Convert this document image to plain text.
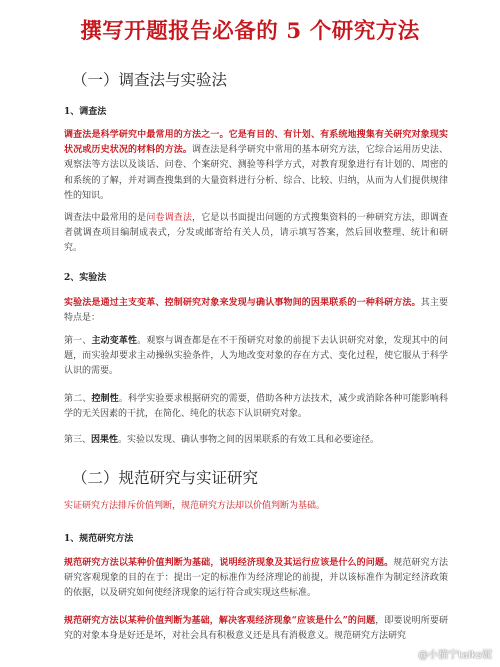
撰写开题报告必备的 5 个研究方法
（一）调查法与实验法
1、调查法
调查法是科学研究中最常用的方法之一。它是有目的、有计划、有系统地搜集有关研究对象现实状况或历史状况的材料的方法。调查法是科学研究中常用的基本研究方法，它综合运用历史法、观察法等方法以及谈话、问卷、个案研究、测验等科学方式，对教育现象进行有计划的、周密的和系统的了解，并对调查搜集到的大量资料进行分析、综合、比较、归纳，从而为人们提供规律性的知识。
调查法中最常用的是问卷调查法，它是以书面提出问题的方式搜集资料的一种研究方法，即调查者就调查项目编制成表式，分发或邮寄给有关人员，请示填写答案，然后回收整理、统计和研究。
2、实验法
实验法是通过主支变革、控制研究对象来发现与确认事物间的因果联系的一种科研方法。其主要特点是：
第一、主动变革性。观察与调查都是在不干预研究对象的前提下去认识研究对象，发现其中的问题，而实验却要求主动操纵实验条件，人为地改变对象的存在方式、变化过程，使它服从于科学认识的需要。
第二、控制性。科学实验要求根据研究的需要，借助各种方法技术，减少或消除各种可能影响科学的无关因素的干扰，在简化、纯化的状态下认识研究对象。
第三、因果性。实验以发现、确认事物之间的因果联系的有效工具和必要途径。
（二）规范研究与实证研究
实证研究方法排斥价值判断，规范研究方法却以价值判断为基础。
1、规范研究方法
规范研究方法以某种价值判断为基础，说明经济现象及其运行应该是什么的问题。规范研究方法研究客观现象的目的在于：提出一定的标准作为经济理论的前提，并以该标准作为制定经济政策的依据，以及研究如何使经济现象的运行符合或实现这些标准。
规范研究方法以某种价值判断为基础，解决客观经济现象“应该是什么”的问题，即要说明所要研究的对象本身是好还是坏，对社会具有积极意义还是具有消极意义。规范研究方法研究
@小猫宁talks妮
